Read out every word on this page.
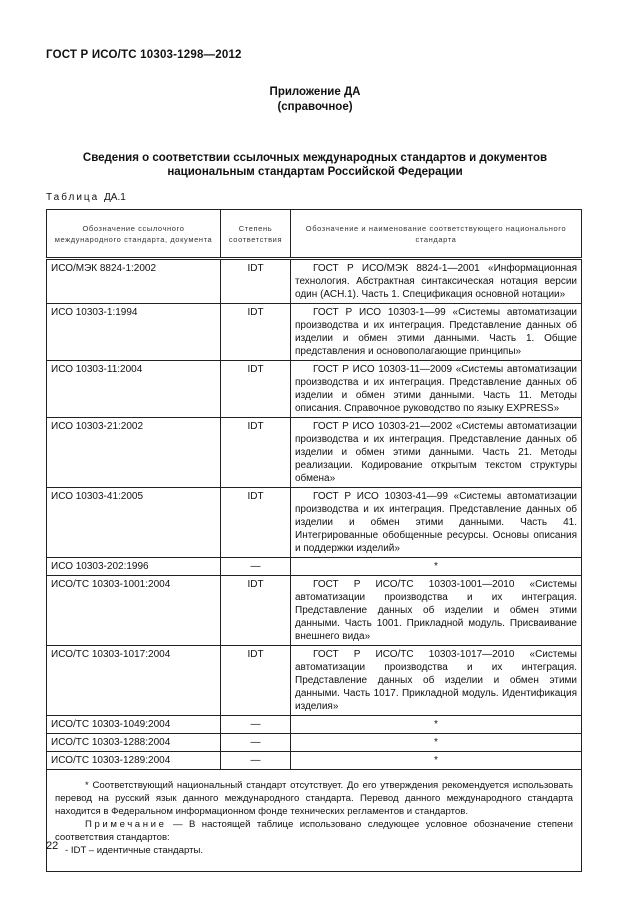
ГОСТ Р ИСО/ТС 10303-1298—2012
Приложение ДА
(справочное)
Сведения о соответствии ссылочных международных стандартов и документов
национальным стандартам Российской Федерации
Таблица ДА.1
Обозначение ссылочного международного стандарта, документа	Степень соответствия	Обозначение и наименование соответствующего национального стандарта
ИСО/МЭК 8824-1:2002	IDT	ГОСТ Р ИСО/МЭК 8824-1—2001 «Информационная технология. Абстрактная синтаксическая нотация версии один (АСН.1). Часть 1. Спецификация основной нотации»

ИСО 10303-1:1994	IDT	ГОСТ Р ИСО 10303-1—99 «Системы автоматизации производства и их интеграция. Представление данных об изделии и обмен этими данными. Часть 1. Общие представления и основополагающие принципы»

ИСО 10303-11:2004	IDT	ГОСТ Р ИСО 10303-11—2009 «Системы автоматизации производства и их интеграция. Представление данных об изделии и обмен этими данными. Часть 11. Методы описания. Справочное руководство по языку EXPRESS»

ИСО 10303-21:2002	IDT	ГОСТ Р ИСО 10303-21—2002 «Системы автоматизации производства и их интеграция. Представление данных об изделии и обмен этими данными. Часть 21. Методы реализации. Кодирование открытым текстом структуры обмена»

ИСО 10303-41:2005	IDT	ГОСТ Р ИСО 10303-41—99 «Системы автоматизации производства и их интеграция. Представление данных об изделии и обмен этими данными. Часть 41. Интегрированные обобщенные ресурсы. Основы описания и поддержки изделий»

ИСО 10303-202:1996	—	*
ИСО/ТС 10303-1001:2004	IDT	ГОСТ Р ИСО/ТС 10303-1001—2010 «Системы автоматизации производства и их интеграция. Представление данных об изделии и обмен этими данными. Часть 1001. Прикладной модуль. Присваивание внешнего вида»

ИСО/ТС 10303-1017:2004	IDT	ГОСТ Р ИСО/ТС 10303-1017—2010 «Системы автоматизации производства и их интеграция. Представление данных об изделии и обмен этими данными. Часть 1017. Прикладной модуль. Идентификация изделия»

ИСО/ТС 10303-1049:2004	—	*
ИСО/ТС 10303-1288:2004	—	*
ИСО/ТС 10303-1289:2004	—	*

* Соответствующий национальный стандарт отсутствует. До его утверждения рекомендуется использовать перевод на русский язык данного международного стандарта. Перевод данного международного стандарта находится в Федеральном информационном фонде технических регламентов и стандартов.

Примечание — В настоящей таблице использовано следующее условное обозначение степени соответствия стандартов:

- IDT – идентичные стандарты.		

22
